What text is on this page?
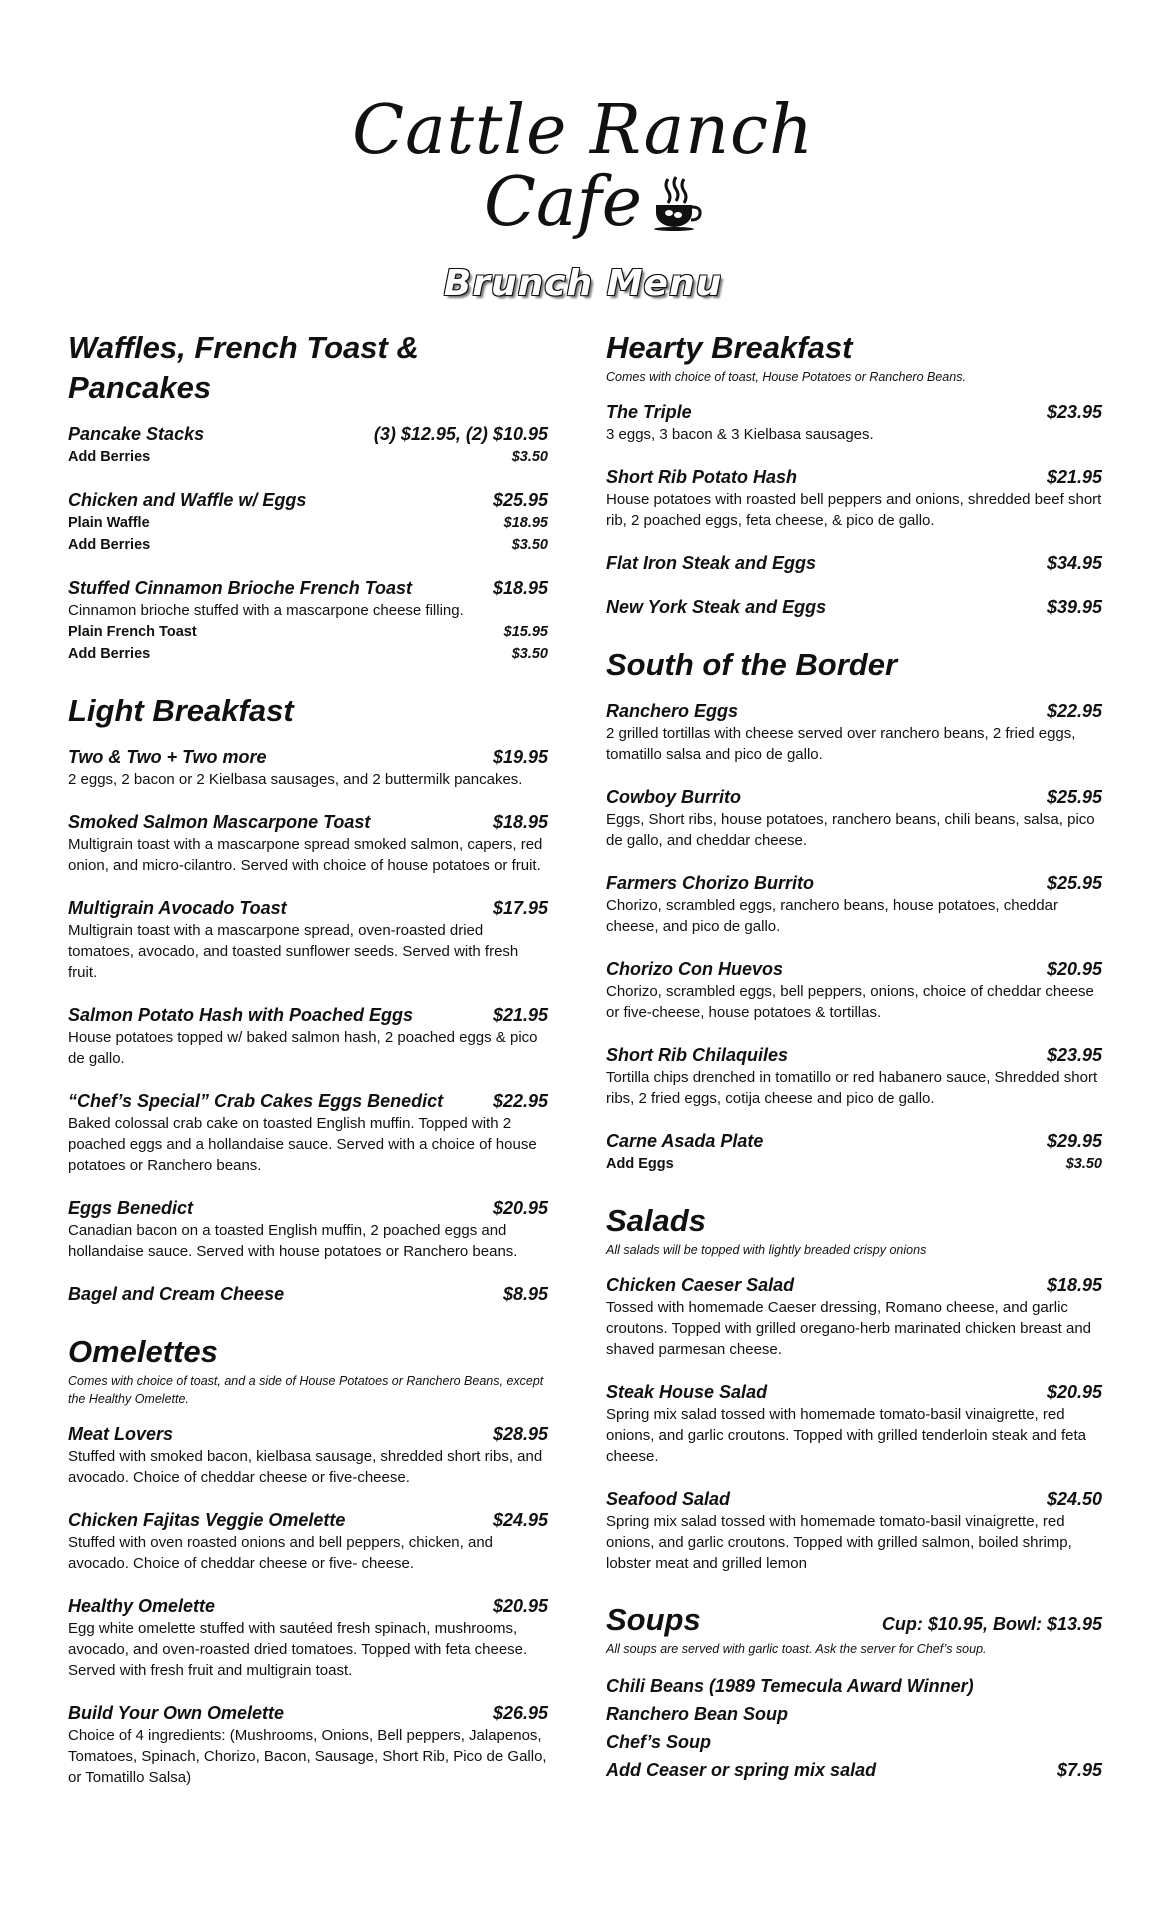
Cattle Ranch
Cafe
Brunch Menu
Waffles, French Toast & Pancakes
Pancake Stacks	(3) $12.95, (2) $10.95
Add Berries	$3.50
Chicken and Waffle w/ Eggs	$25.95
Plain Waffle	$18.95
Add Berries	$3.50
Stuffed Cinnamon Brioche French Toast	$18.95

Cinnamon brioche stuffed with a mascarpone cheese filling.

Plain French Toast	$15.95
Add Berries	$3.50
Light Breakfast
Two & Two + Two more	$19.95

2 eggs, 2 bacon or 2 Kielbasa sausages, and 2 buttermilk pancakes.

Smoked Salmon Mascarpone Toast	$18.95

Multigrain toast with a mascarpone spread smoked salmon, capers, red onion, and micro-cilantro. Served with choice of house potatoes or fruit.

Multigrain Avocado Toast	$17.95

Multigrain toast with a mascarpone spread, oven-roasted dried tomatoes, avocado, and toasted sunflower seeds. Served with fresh fruit.

Salmon Potato Hash with Poached Eggs	$21.95

House potatoes topped w/ baked salmon hash, 2 poached eggs & pico de gallo.

“Chef’s Special” Crab Cakes Eggs Benedict	$22.95

Baked colossal crab cake on toasted English muffin. Topped with 2 poached eggs and a hollandaise sauce. Served with a choice of house potatoes or Ranchero beans.

Eggs Benedict	$20.95

Canadian bacon on a toasted English muffin, 2 poached eggs and hollandaise sauce. Served with house potatoes or Ranchero beans.

Bagel and Cream Cheese	$8.95
Omelettes

Comes with choice of toast, and a side of House Potatoes or Ranchero Beans, except the Healthy Omelette.

Meat Lovers	$28.95

Stuffed with smoked bacon, kielbasa sausage, shredded short ribs, and avocado. Choice of cheddar cheese or five-cheese.

Chicken Fajitas Veggie Omelette	$24.95

Stuffed with oven roasted onions and bell peppers, chicken, and avocado. Choice of cheddar cheese or five- cheese.

Healthy Omelette	$20.95

Egg white omelette stuffed with sautéed fresh spinach, mushrooms, avocado, and oven-roasted dried tomatoes. Topped with feta cheese. Served with fresh fruit and multigrain toast.

Build Your Own Omelette	$26.95

Choice of 4 ingredients: (Mushrooms, Onions, Bell peppers, Jalapenos, Tomatoes, Spinach, Chorizo, Bacon, Sausage, Short Rib, Pico de Gallo, or Tomatillo Salsa)

Hearty Breakfast

Comes with choice of toast, House Potatoes or Ranchero Beans.

The Triple	$23.95

3 eggs, 3 bacon & 3 Kielbasa sausages.

Short Rib Potato Hash	$21.95

House potatoes with roasted bell peppers and onions, shredded beef short rib, 2 poached eggs, feta cheese, & pico de gallo.

Flat Iron Steak and Eggs	$34.95
New York Steak and Eggs	$39.95
South of the Border
Ranchero Eggs	$22.95

2 grilled tortillas with cheese served over ranchero beans, 2 fried eggs, tomatillo salsa and pico de gallo.

Cowboy Burrito	$25.95

Eggs, Short ribs, house potatoes, ranchero beans, chili beans, salsa, pico de gallo, and cheddar cheese.

Farmers Chorizo Burrito	$25.95

Chorizo, scrambled eggs, ranchero beans, house potatoes, cheddar cheese, and pico de gallo.

Chorizo Con Huevos	$20.95

Chorizo, scrambled eggs, bell peppers, onions, choice of cheddar cheese or five-cheese, house potatoes & tortillas.

Short Rib Chilaquiles	$23.95

Tortilla chips drenched in tomatillo or red habanero sauce, Shredded short ribs, 2 fried eggs, cotija cheese and pico de gallo.

Carne Asada Plate	$29.95
Add Eggs	$3.50
Salads

All salads will be topped with lightly breaded crispy onions

Chicken Caeser Salad	$18.95

Tossed with homemade Caeser dressing, Romano cheese, and garlic croutons. Topped with grilled oregano-herb marinated chicken breast and shaved parmesan cheese.

Steak House Salad	$20.95

Spring mix salad tossed with homemade tomato-basil vinaigrette, red onions, and garlic croutons. Topped with grilled tenderloin steak and feta cheese.

Seafood Salad	$24.50

Spring mix salad tossed with homemade tomato-basil vinaigrette, red onions, and garlic croutons. Topped with grilled salmon, boiled shrimp, lobster meat and grilled lemon

Soups	Cup: $10.95, Bowl: $13.95

All soups are served with garlic toast. Ask the server for Chef’s soup.

Chili Beans (1989 Temecula Award Winner)
Ranchero Bean Soup
Chef’s Soup
Add Ceaser or spring mix salad	$7.95
